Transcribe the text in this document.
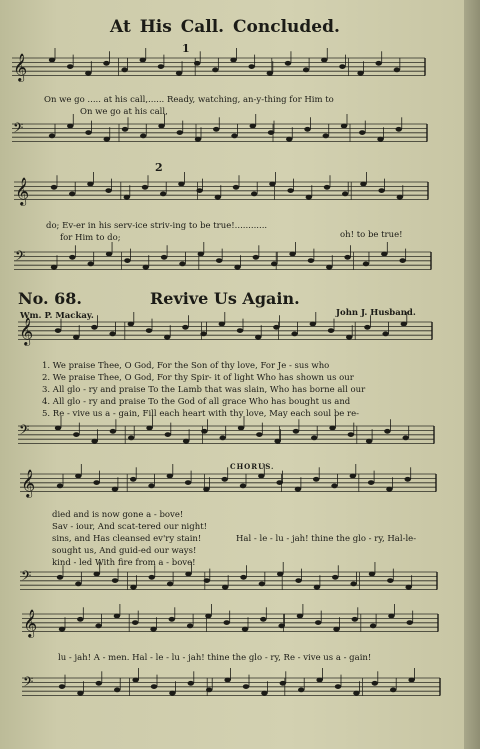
At His Call. Concluded.
𝄞
𝄢
𝄞
𝄢
𝄞
𝄢
𝄞
𝄢
𝄞
𝄢
1
On we go ..... at his call,...... Ready, watching, an-y-thing for Him to
On we go at his call,
2
do; Ev-er in his serv-ice striv-ing to be true!............
for Him to do;	oh! to be true!
No. 68.	Revive Us Again.
Wm. P. Mackay.	John J. Husband.
1. We praise Thee, O God, For the Son of thy love, For Je - sus who
2. We praise Thee, O God, For thy Spir- it of light Who has shown us our
3. All glo - ry and praise To the Lamb that was slain, Who has borne all our
4. All glo - ry and praise To the God of all grace Who has bought us and
5. Re - vive us a - gain, Fill each heart with thy love, May each soul be re-
CHORUS.
died and is now gone a - bove!
Sav - iour, And scat-tered our night!
sins, and Has cleansed ev'ry stain!
sought us, And guid-ed our ways!
kind - led With fire from a - bove!
Hal - le - lu - jah! thine the glo - ry, Hal-le-
lu - jah! A - men. Hal - le - lu - jah! thine the glo - ry, Re - vive us a - gain!
